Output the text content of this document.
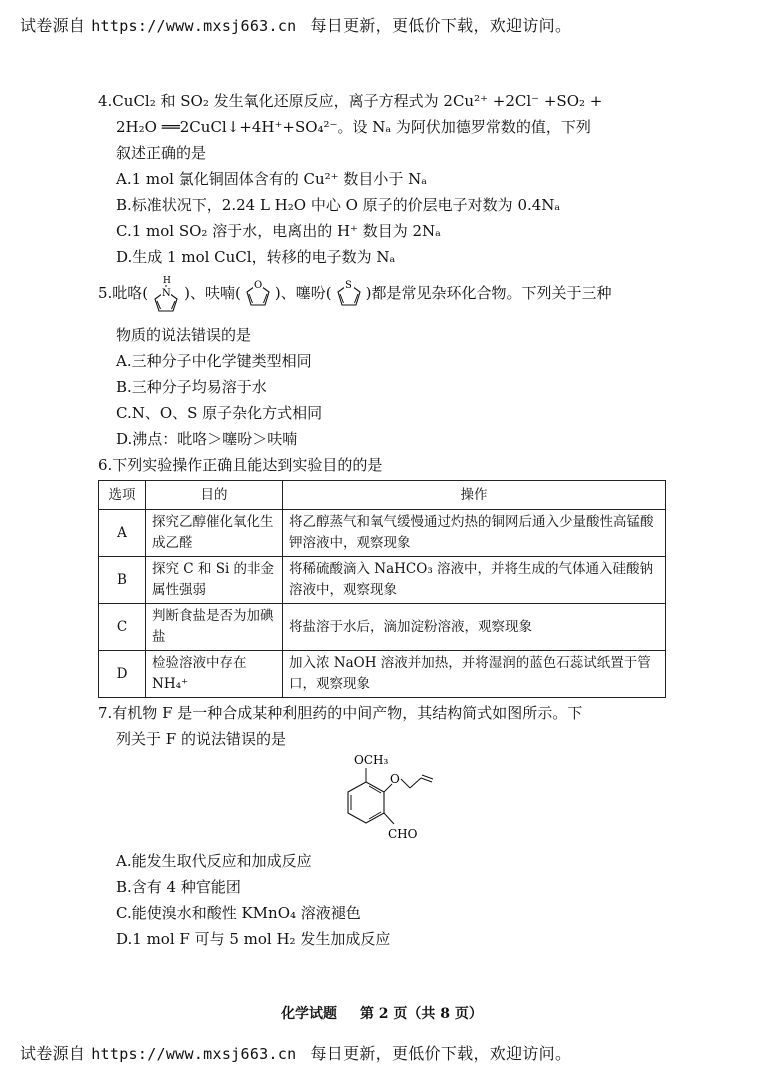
试卷源自 https://www.mxsj663.cn 每日更新，更低价下载，欢迎访问。
4.CuCl₂ 和 SO₂ 发生氧化还原反应，离子方程式为 2Cu²⁺ +2Cl⁻ +SO₂ +
2H₂O ══2CuCl↓+4H⁺+SO₄²⁻。设 Nₐ 为阿伏加德罗常数的值，下列
叙述正确的是
A.1 mol 氯化铜固体含有的 Cu²⁺ 数目小于 Nₐ
B.标准状况下，2.24 L H₂O 中心 O 原子的价层电子对数为 0.4Nₐ
C.1 mol SO₂ 溶于水，电离出的 H⁺ 数目为 2Nₐ
D.生成 1 mol CuCl，转移的电子数为 Nₐ
5.吡咯(
H
N )、呋喃( O )、噻吩( S )都是常见杂环化合物。下列关于三种
物质的说法错误的是
A.三种分子中化学键类型相同
B.三种分子均易溶于水
C.N、O、S 原子杂化方式相同
D.沸点：吡咯＞噻吩＞呋喃
6.下列实验操作正确且能达到实验目的的是
选项	目的	操作
A	探究乙醇催化氧化生成乙醛	将乙醇蒸气和氧气缓慢通过灼热的铜网后通入少量酸性高锰酸钾溶液中，观察现象
B	探究 C 和 Si 的非金属性强弱	将稀硫酸滴入 NaHCO₃ 溶液中，并将生成的气体通入硅酸钠溶液中，观察现象
C	判断食盐是否为加碘盐	将盐溶于水后，滴加淀粉溶液，观察现象
D	检验溶液中存在 NH₄⁺	加入浓 NaOH 溶液并加热，并将湿润的蓝色石蕊试纸置于管口，观察现象
7.有机物 F 是一种合成某种利胆药的中间产物，其结构简式如图所示。下
列关于 F 的说法错误的是
OCH₃
O
CHO
A.能发生取代反应和加成反应
B.含有 4 种官能团
C.能使溴水和酸性 KMnO₄ 溶液褪色
D.1 mol F 可与 5 mol H₂ 发生加成反应
化学试题 第 2 页（共 8 页）
试卷源自 https://www.mxsj663.cn 每日更新，更低价下载，欢迎访问。
